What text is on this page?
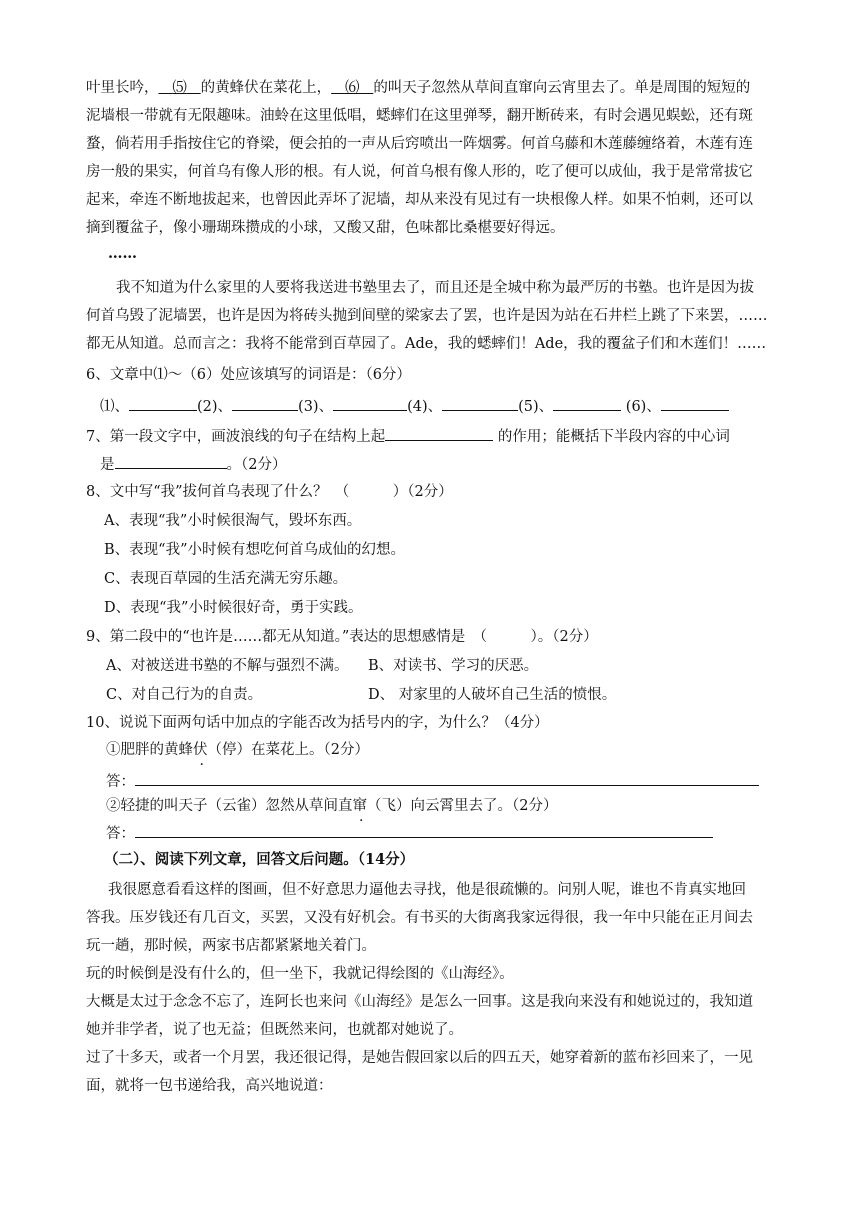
叶里长吟， ⑸ 的黄蜂伏在菜花上， ⑹ 的叫天子忽然从草间直窜向云宵里去了。单是周围的短短的
泥墙根一带就有无限趣味。油蛉在这里低唱，蟋蟀们在这里弹琴，翻开断砖来，有时会遇见蜈蚣，还有斑
蝥，倘若用手指按住它的脊梁，便会拍的一声从后窍喷出一阵烟雾。何首乌藤和木莲藤缠络着，木莲有连
房一般的果实，何首乌有像人形的根。有人说，何首乌根有像人形的，吃了便可以成仙，我于是常常拔它
起来，牵连不断地拔起来，也曾因此弄坏了泥墙，却从来没有见过有一块根像人样。如果不怕刺，还可以
摘到覆盆子，像小珊瑚珠攒成的小球，又酸又甜，色味都比桑椹要好得远。
……
我不知道为什么家里的人要将我送进书塾里去了，而且还是全城中称为最严厉的书塾。也许是因为拔
何首乌毁了泥墙罢，也许是因为将砖头抛到间壁的梁家去了罢，也许是因为站在石井栏上跳了下来罢，……
都无从知道。总而言之：我将不能常到百草园了。Ade，我的蟋蟀们！Ade，我的覆盆子们和木莲们！……
6、文章中⑴～（6）处应该填写的词语是：（6分）
⑴、	(2)、	(3)、	(4)、	(5)、	(6)、
7、第一段文字中，画波浪线的句子在结构上起	的作用；能概括下半段内容的中心词
是	。（2分）
8、文中写“我”拔何首乌表现了什么？　（　　　）（2分）
A、表现“我”小时候很淘气，毁坏东西。
B、表现“我”小时候有想吃何首乌成仙的幻想。
C、表现百草园的生活充满无穷乐趣。
D、表现“我”小时候很好奇，勇于实践。
9、第二段中的“也许是……都无从知道。”表达的思想感情是　（　　　）。（2分）
A、对被送进书塾的不解与强烈不满。 B、对读书、学习的厌恶。
C、对自己行为的自责。	D、 对家里的人破坏自己生活的愤恨。
10、说说下面两句话中加点的字能否改为括号内的字，为什么？（4分）
①肥胖的黄蜂伏（停）在菜花上。（2分）
答：
②轻捷的叫天子（云雀）忽然从草间直窜（飞）向云霄里去了。（2分）
答：
（二）、阅读下列文章，回答文后问题。（14分）
我很愿意看看这样的图画，但不好意思力逼他去寻找，他是很疏懒的。问别人呢，谁也不肯真实地回
答我。压岁钱还有几百文，买罢，又没有好机会。有书买的大街离我家远得很，我一年中只能在正月间去
玩一趟，那时候，两家书店都紧紧地关着门。
玩的时候倒是没有什么的，但一坐下，我就记得绘图的《山海经》。
大概是太过于念念不忘了，连阿长也来问《山海经》是怎么一回事。这是我向来没有和她说过的，我知道
她并非学者，说了也无益；但既然来问，也就都对她说了。
过了十多天，或者一个月罢，我还很记得，是她告假回家以后的四五天，她穿着新的蓝布衫回来了，一见
面，就将一包书递给我，高兴地说道：
